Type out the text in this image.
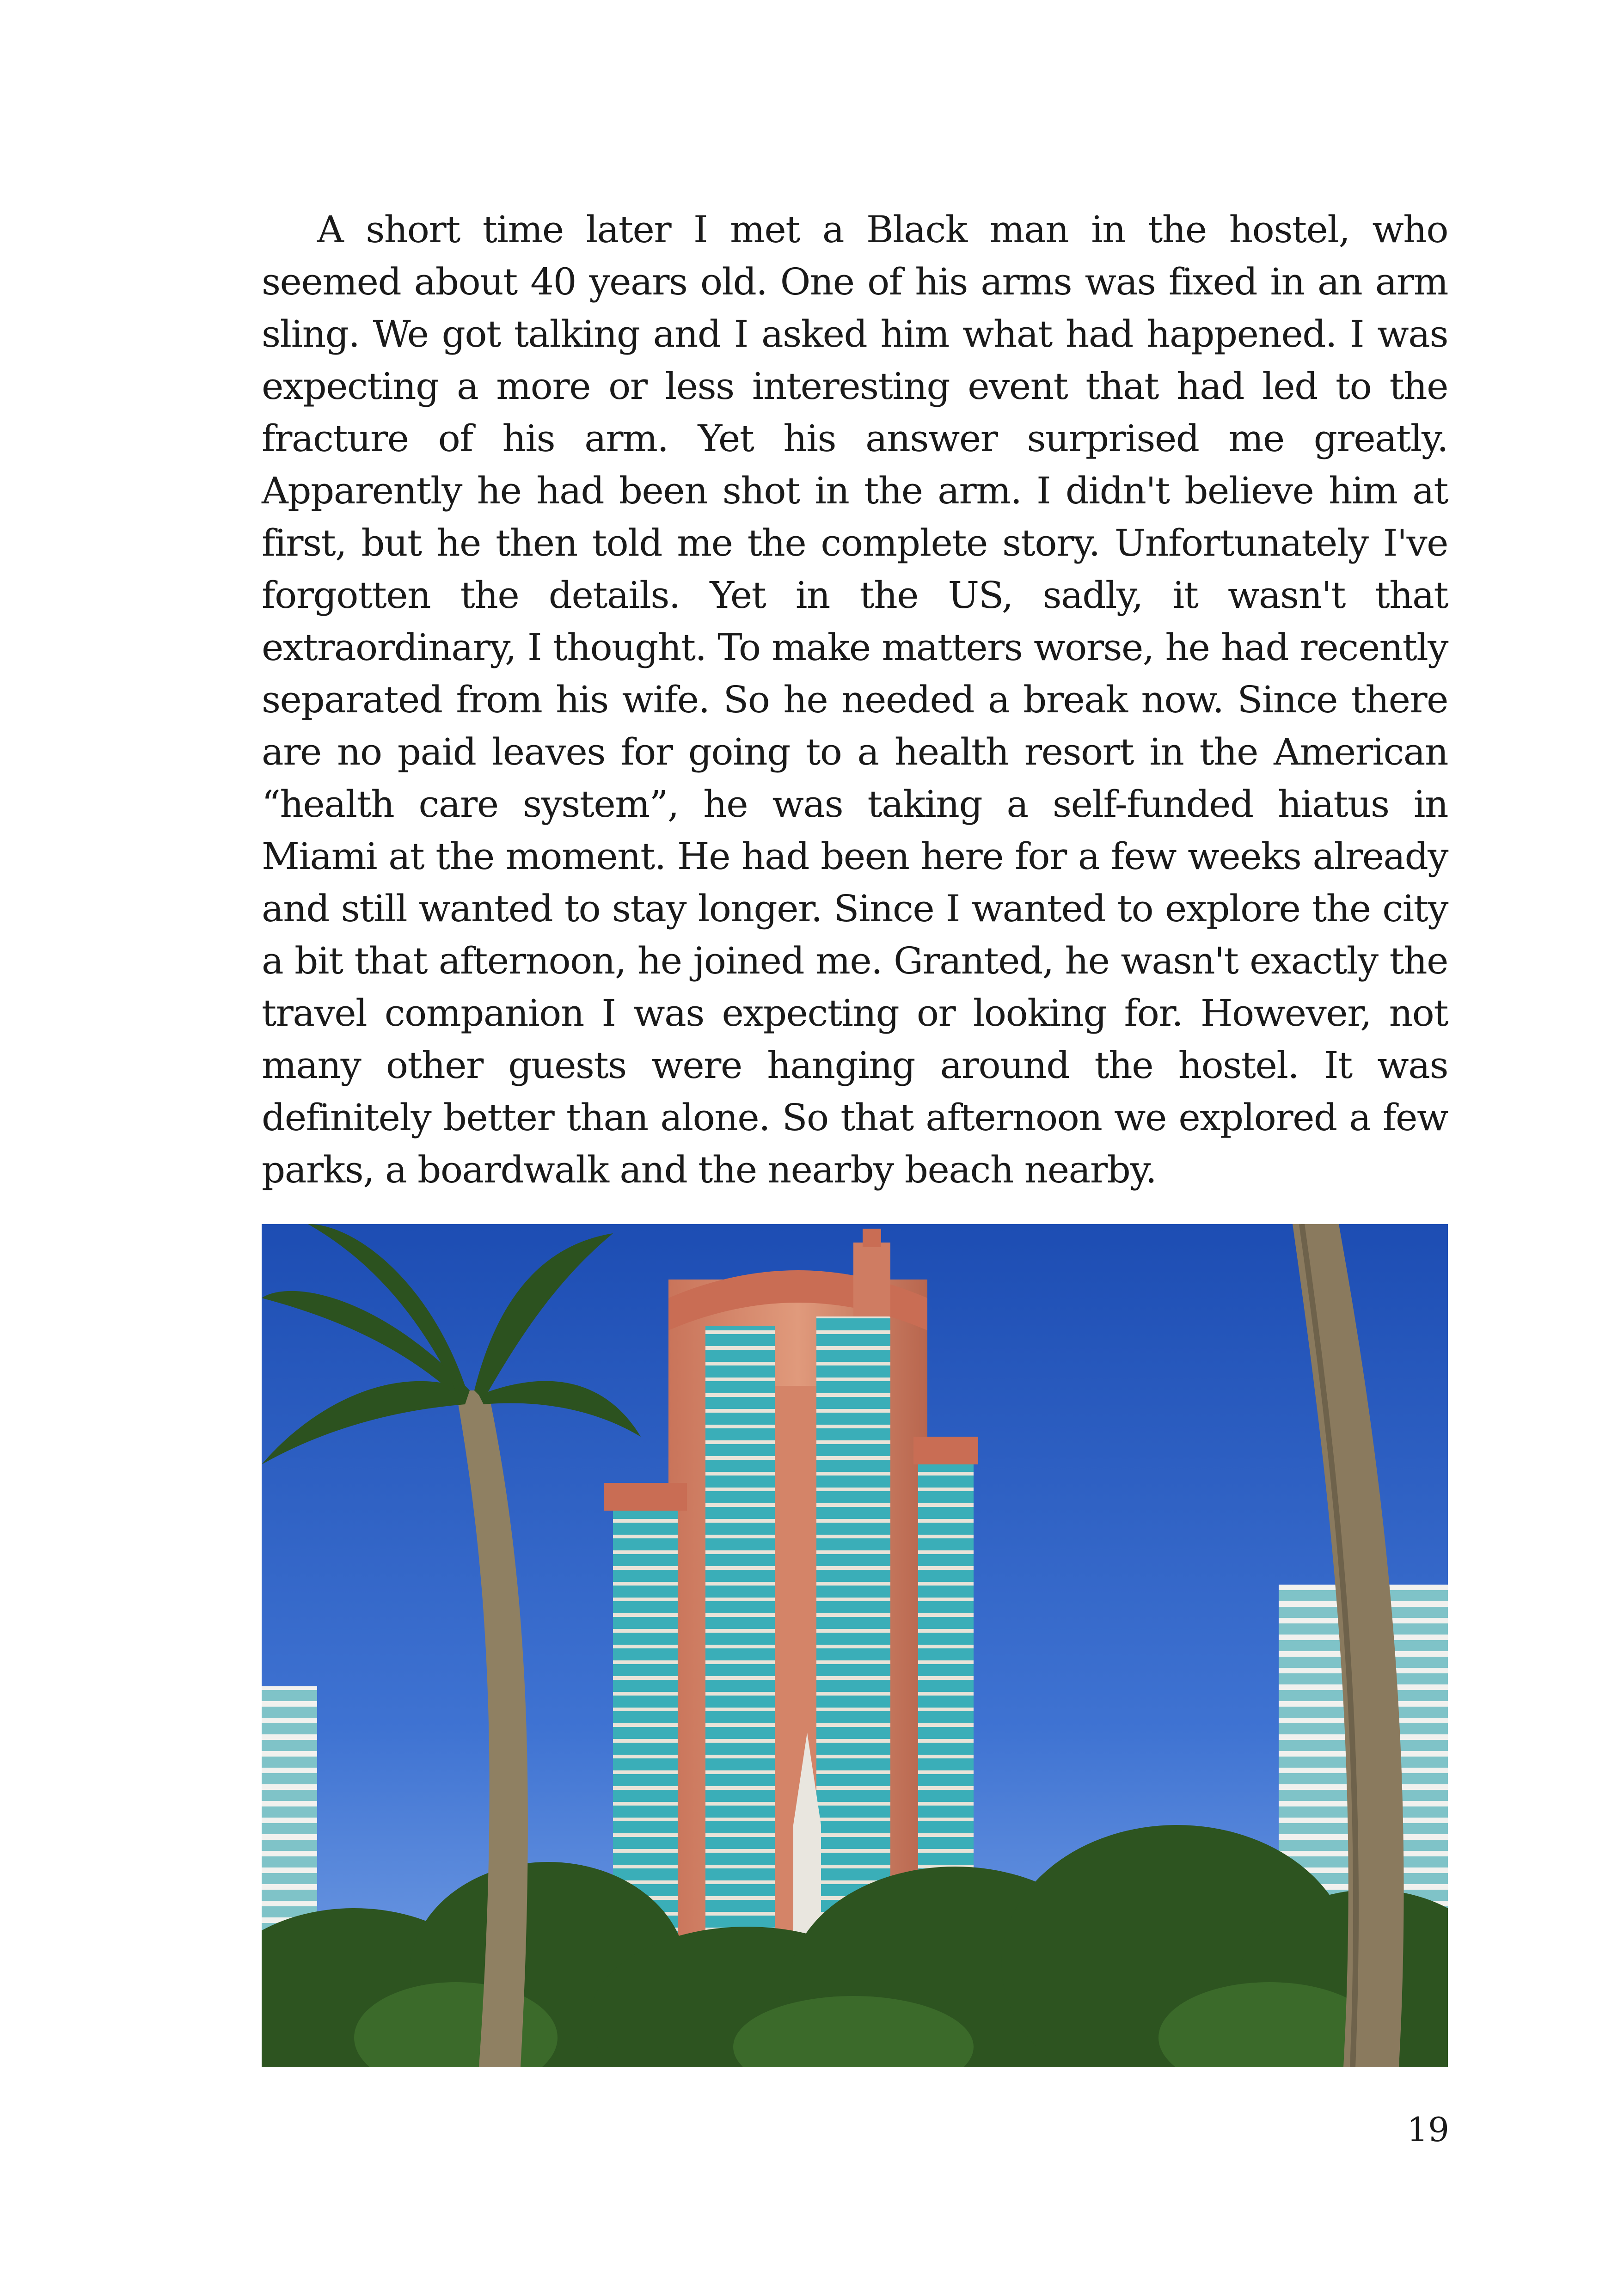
A short time later I met a Black man in the hostel, who seemed about 40 years old. One of his arms was fixed in an arm sling. We got talking and I asked him what had happened. I was expecting a more or less interesting event that had led to the fracture of his arm. Yet his answer surprised me greatly. Apparently he had been shot in the arm. I didn't believe him at first, but he then told me the complete story. Unfortunately I've forgotten the details. Yet in the US, sadly, it wasn't that extraordinary, I thought. To make matters worse, he had recently separated from his wife. So he needed a break now. Since there are no paid leaves for going to a health resort in the American “health care system”, he was taking a self-funded hiatus in Miami at the moment. He had been here for a few weeks already and still wanted to stay longer. Since I wanted to explore the city a bit that afternoon, he joined me. Granted, he wasn't exactly the travel companion I was expecting or looking for. However, not many other guests were hanging around the hostel. It was definitely better than alone. So that afternoon we explored a few parks, a boardwalk and the nearby beach nearby.

19
